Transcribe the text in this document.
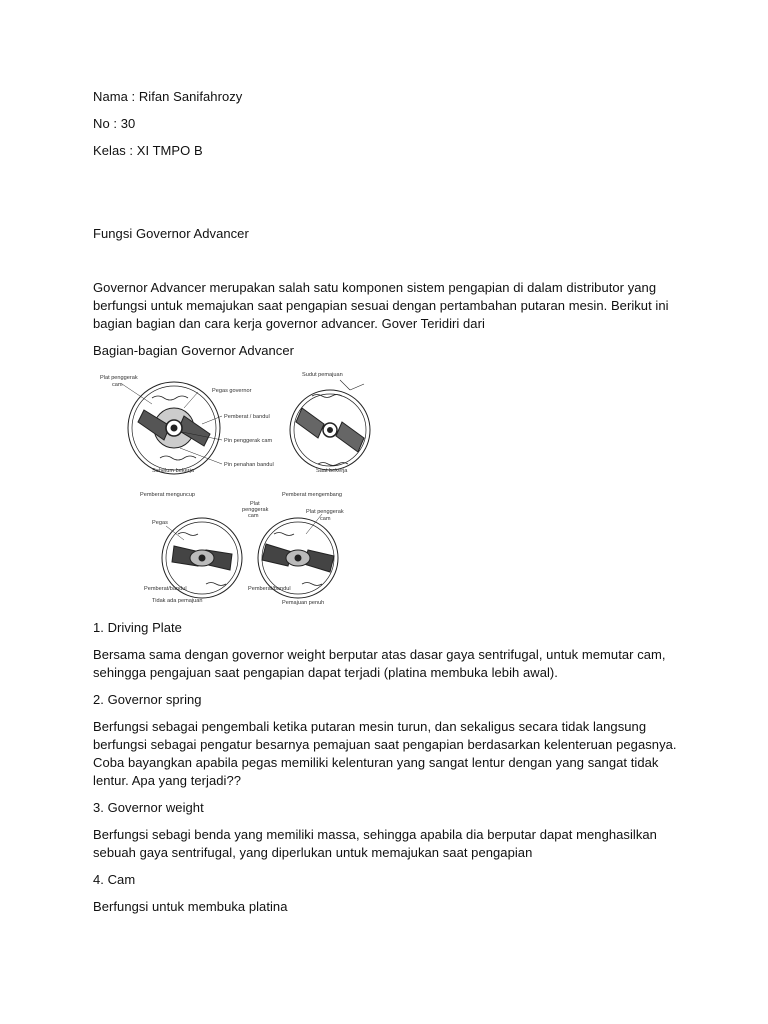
Nama : Rifan Sanifahrozy

No : 30

Kelas : XI TMPO B

Fungsi Governor Advancer

Governor Advancer merupakan salah satu komponen sistem pengapian di dalam distributor yang

berfungsi untuk memajukan saat pengapian sesuai dengan pertambahan putaran mesin. Berikut ini

bagian bagian dan cara kerja governor advancer. Gover Teridiri dari

Bagian-bagian Governor Advancer

Plat penggerak
cam
Pegas governor
Pemberat / bandul
Pin penggerak cam
Pin penahan bandul
Sebelum bekerja
Sudut pemajuan
Saat bekerja
Pemberat menguncup	Pemberat mengembang
Plat
penggerak
cam
Plat penggerak
cam
Pegas
Pemberat/bandul	Pemberat/bandul
Tidak ada pemajuan	Pemajuan penuh

1. Driving Plate

Bersama sama dengan governor weight berputar atas dasar gaya sentrifugal, untuk memutar cam,

sehingga pengajuan saat pengapian dapat terjadi (platina membuka lebih awal).

2. Governor spring

Berfungsi sebagai pengembali ketika putaran mesin turun, dan sekaligus secara tidak langsung

berfungsi sebagai pengatur besarnya pemajuan saat pengapian berdasarkan kelenteruan pegasnya.

Coba bayangkan apabila pegas memiliki kelenturan yang sangat lentur dengan yang sangat tidak

lentur. Apa yang terjadi??

3. Governor weight

Berfungsi sebagi benda yang memiliki massa, sehingga apabila dia berputar dapat menghasilkan

sebuah gaya sentrifugal, yang diperlukan untuk memajukan saat pengapian

4. Cam

Berfungsi untuk membuka platina
